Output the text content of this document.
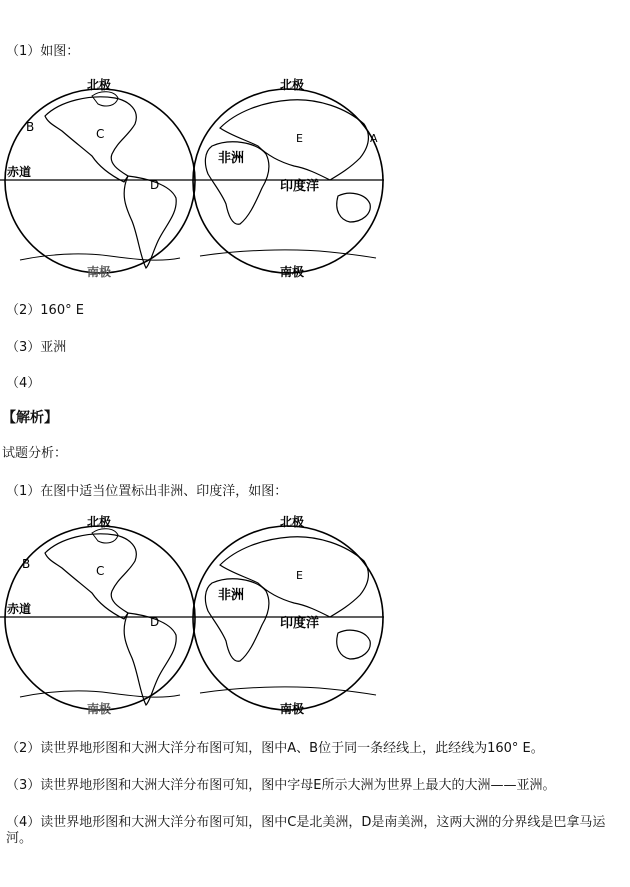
（1）如图：
北极	北极
南极	南极
赤道
B	C
D
E	A
非洲
印度洋
（2）160° E
（3）亚洲
（4）
【解析】
试题分析：
（1）在图中适当位置标出非洲、印度洋，如图：
北极	北极
南极	南极
赤道
B	C
D
E
非洲
印度洋
（2）读世界地形图和大洲大洋分布图可知，图中A、B位于同一条经线上，此经线为160° E。
（3）读世界地形图和大洲大洋分布图可知，图中字母E所示大洲为世界上最大的大洲——亚洲。
（4）读世界地形图和大洲大洋分布图可知，图中C是北美洲，D是南美洲，这两大洲的分界线是巴拿马运河。
